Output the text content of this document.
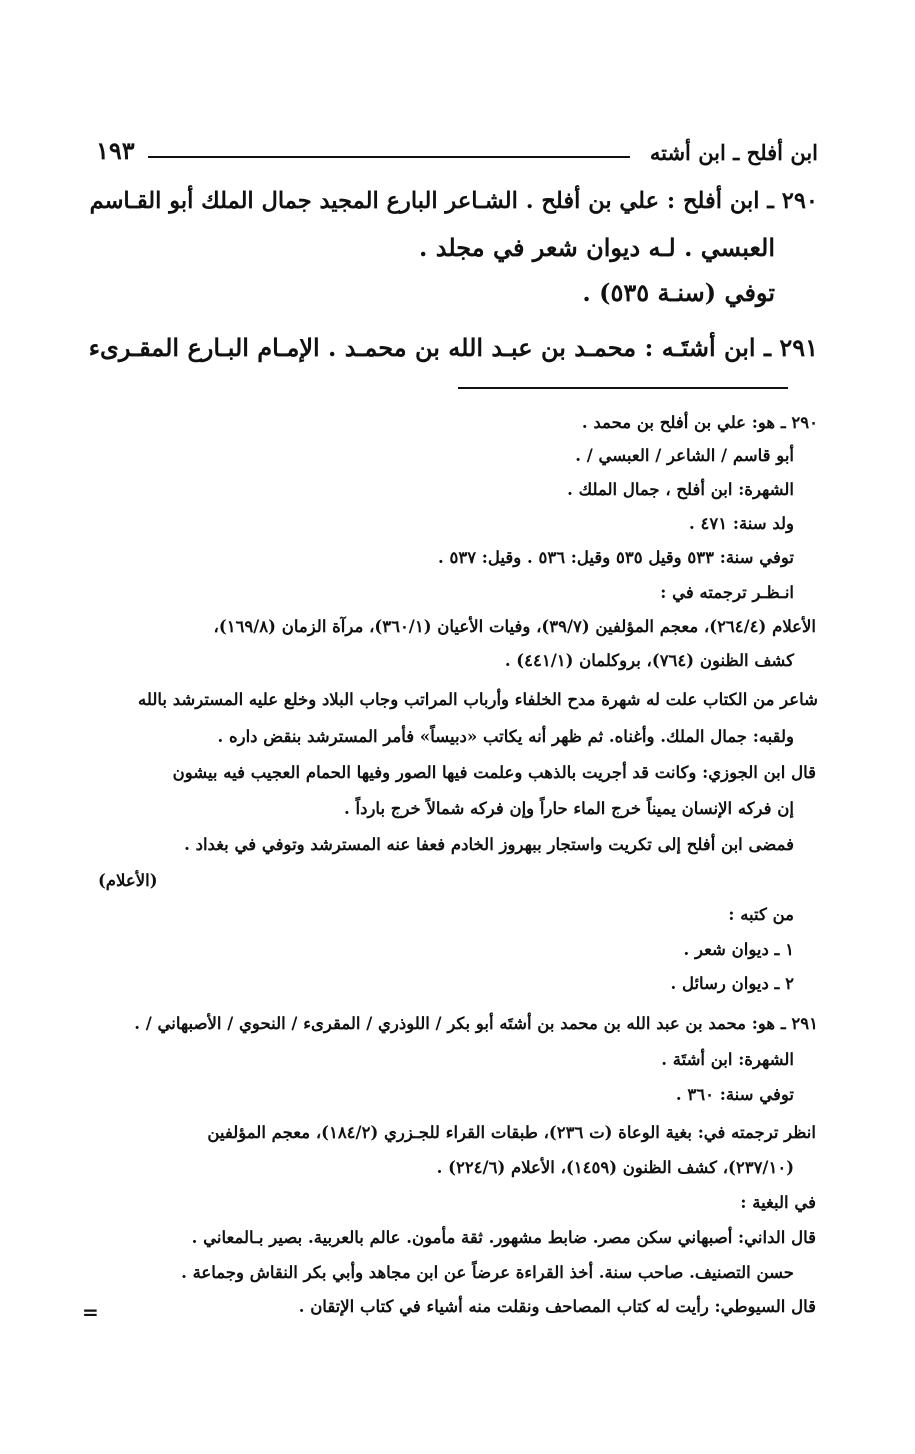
ابن أفلح ـ ابن أشته
١٩٣
٢٩٠ ـ ابن أفلح : علي بن أفلح . الشـاعر البارع المجيد جمال الملك أبو القـاسم
العبسي . لـه ديوان شعر في مجلد .
توفي (سنـة ٥٣٥) .
٢٩١ ـ ابن أشتَـه : محمـد بن عبـد الله بن محمـد . الإمـام البـارع المقـرىء
٢٩٠ ـ هو: علي بن أفلح بن محمد .
أبو قاسم / الشاعر / العبسي / .
الشهرة: ابن أفلح ، جمال الملك .
ولد سنة: ٤٧١ .
توفي سنة: ٥٣٣ وقيل ٥٣٥ وقيل: ٥٣٦ . وقيل: ٥٣٧ .
انـظـر ترجمته في :
الأعلام (٢٦٤/٤)، معجم المؤلفين (٣٩/٧)، وفيات الأعيان (٣٦٠/١)، مرآة الزمان (١٦٩/٨)،
كشف الظنون (٧٦٤)، بروكلمان (٤٤١/١) .
شاعر من الكتاب علت له شهرة مدح الخلفاء وأرباب المراتب وجاب البلاد وخلع عليه المسترشد بالله
ولقبه: جمال الملك. وأغناه. ثم ظهر أنه يكاتب «دبيساً» فأمر المسترشد بنقض داره .
قال ابن الجوزي: وكانت قد أجريت بالذهب وعلمت فيها الصور وفيها الحمام العجيب فيه بيشون
إن فركه الإنسان يميناً خرج الماء حاراً وإن فركه شمالاً خرج بارداً .
فمضى ابن أفلح إلى تكريت واستجار ببهروز الخادم فعفا عنه المسترشد وتوفي في بغداد .
(الأعلام)
من كتبه :
١ ـ ديوان شعر .
٢ ـ ديوان رسائل .
٢٩١ ـ هو: محمد بن عبد الله بن محمد بن أشتَه أبو بكر / اللوذري / المقرىء / النحوي / الأصبهاني / .
الشهرة: ابن أشتَة .
توفي سنة: ٣٦٠ .
انظر ترجمته في: بغية الوعاة (ت ٢٣٦)، طبقات القراء للجـزري (١٨٤/٢)، معجم المؤلفين
(٢٣٧/١٠)، كشف الظنون (١٤٥٩)، الأعلام (٢٢٤/٦) .
في البغية :
قال الداني: أصبهاني سكن مصر. ضابط مشهور. ثقة مأمون. عالم بالعربية. بصير بـالمعاني .
حسن التصنيف. صاحب سنة. أخذ القراءة عرضاً عن ابن مجاهد وأبي بكر النقاش وجماعة .
قال السيوطي: رأيت له كتاب المصاحف ونقلت منه أشياء في كتاب الإتقان .
=
